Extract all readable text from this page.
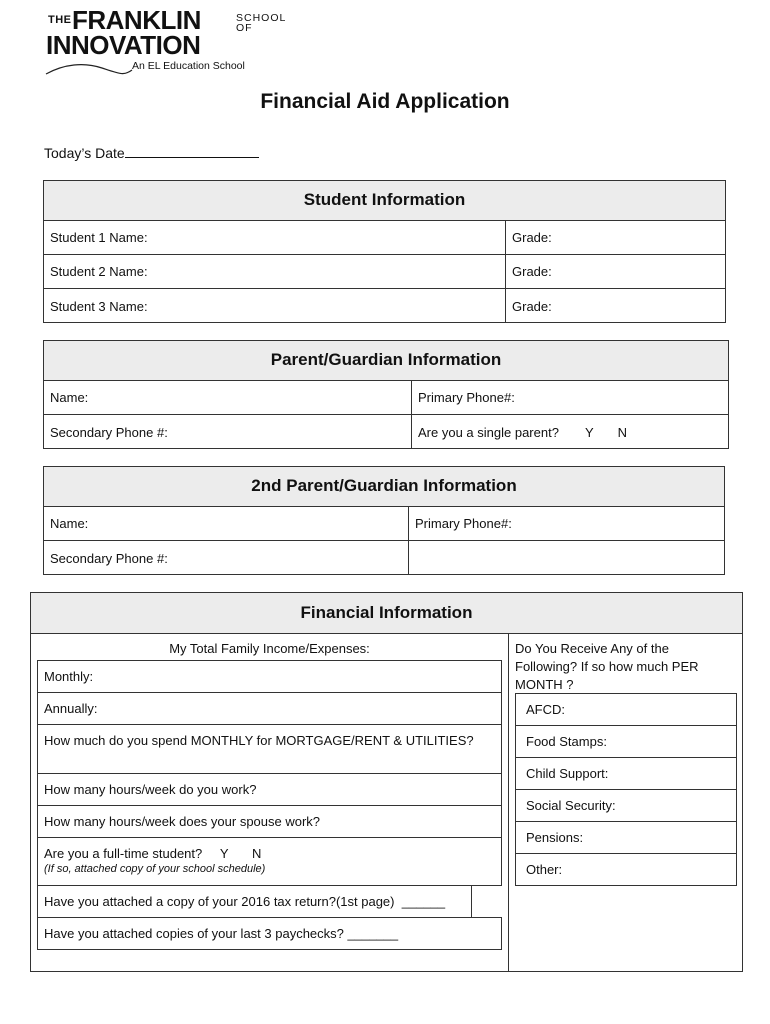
THE FRANKLIN	SCHOOL
OF
INNOVATION
An EL Education School
Financial Aid Application
Today’s Date
Student Information
Student 1 Name:	Grade:
Student 2 Name:	Grade:
Student 3 Name:	Grade:
Parent/Guardian Information
Name:	Primary Phone#:
Secondary Phone #:	Are you a single parent? Y N
2nd Parent/Guardian Information
Name:	Primary Phone#:
Secondary Phone #:
Financial Information
My Total Family Income/Expenses:
Monthly:
Annually:
How much do you spend MONTHLY for MORTGAGE/RENT & UTILITIES?
How many hours/week do you work?
How many hours/week does your spouse work?
Are you a full-time student? Y N
(If so, attached copy of your school schedule)
Have you attached a copy of your 2016 tax return?(1st page)  ______
Have you attached copies of your last 3 paychecks? _______
Do You Receive Any of the Following? If so how much PER MONTH ?
AFCD:
Food Stamps:
Child Support:
Social Security:
Pensions:
Other:
